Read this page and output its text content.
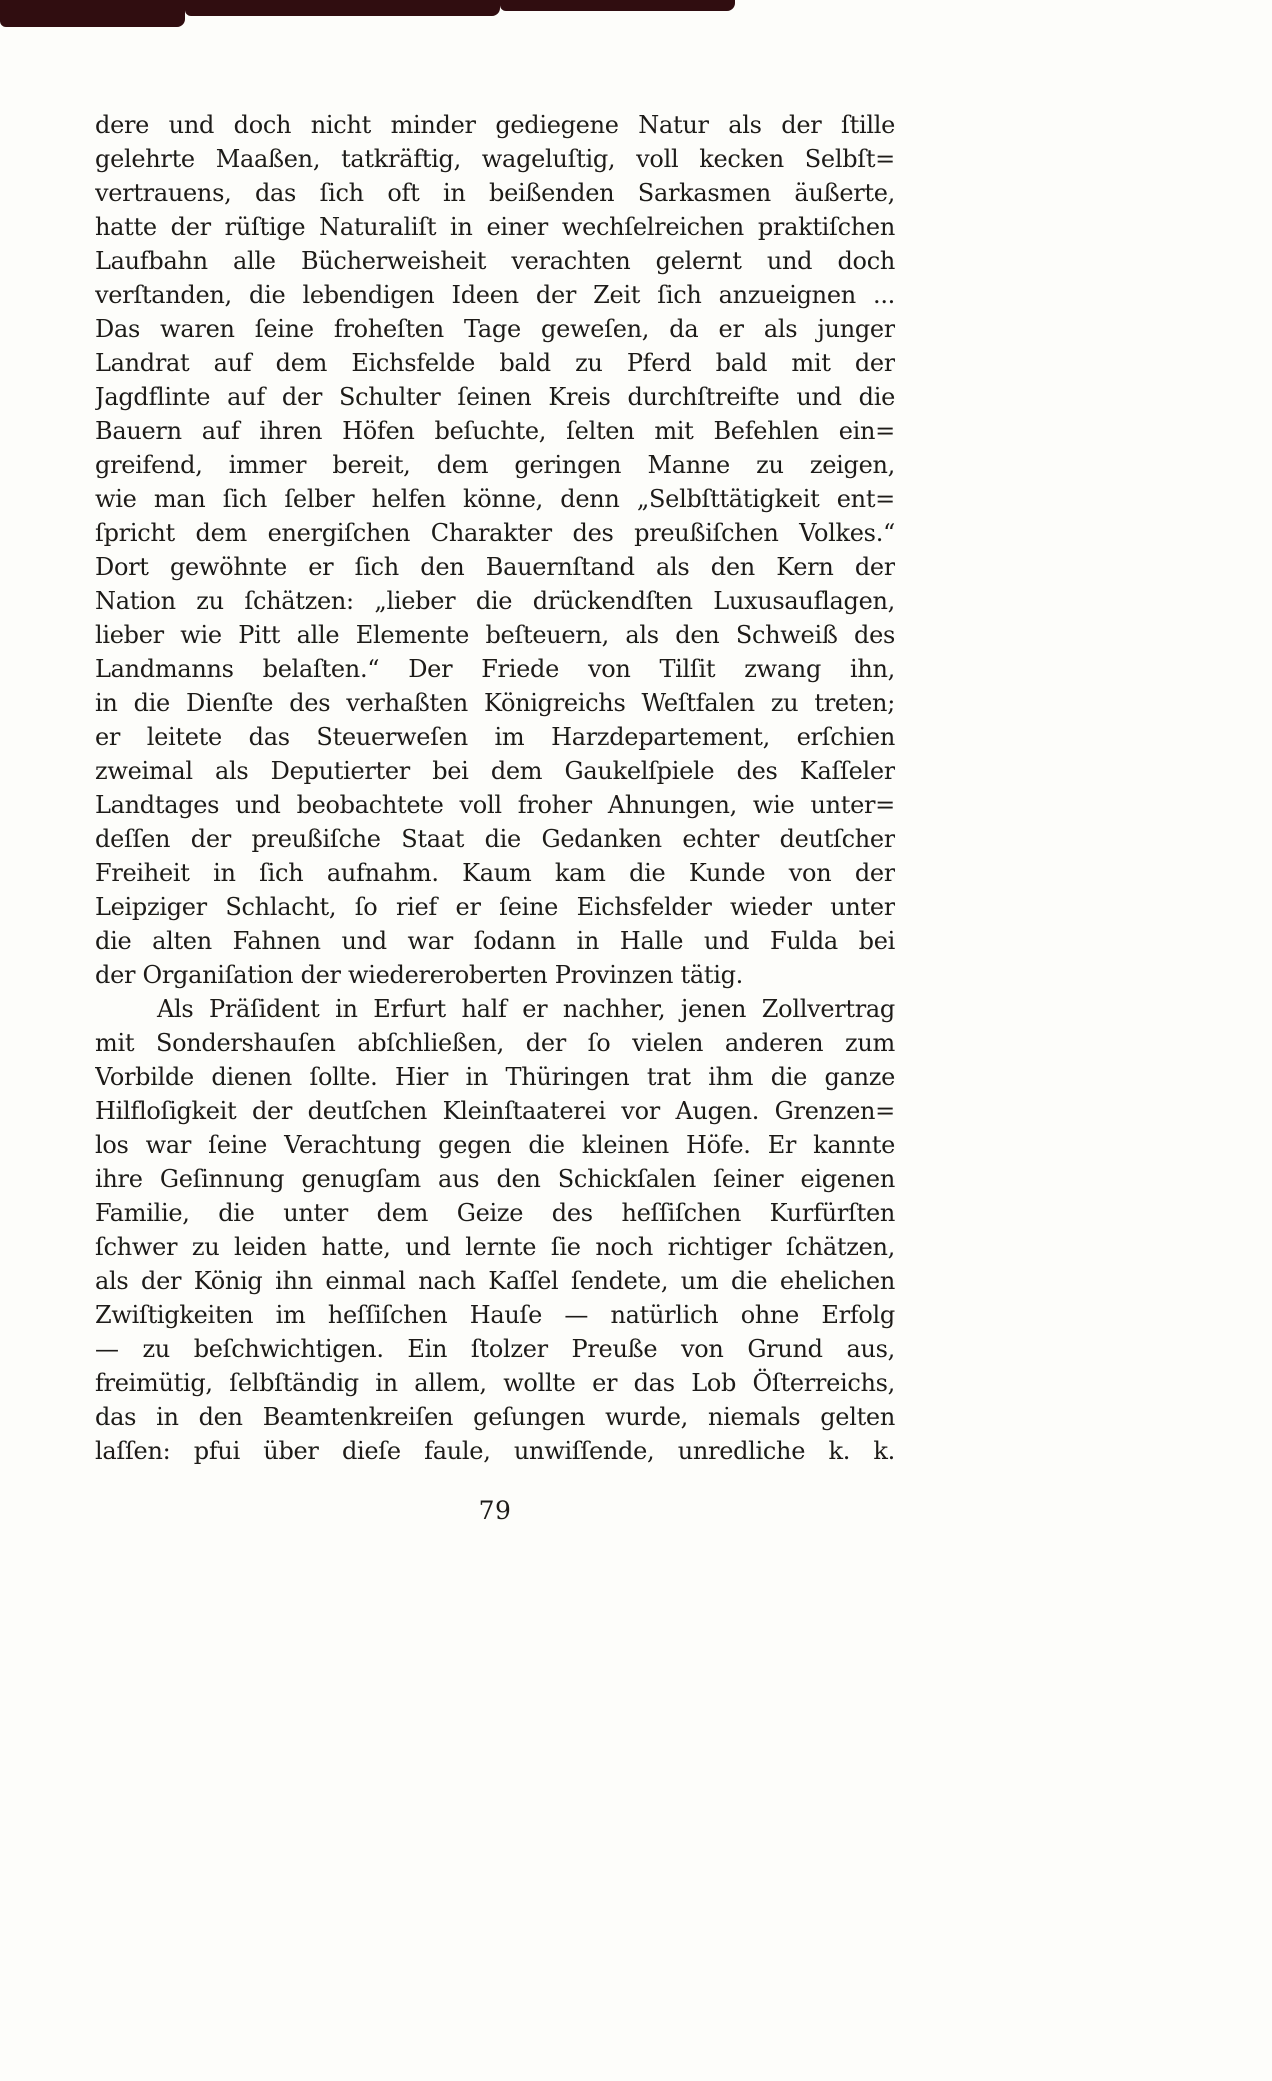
dere und doch nicht minder gediegene Natur als der ſtille
gelehrte Maaßen, tatkräftig, wageluſtig, voll kecken Selbſt=
vertrauens, das ſich oft in beißenden Sarkasmen äußerte,
hatte der rüſtige Naturaliſt in einer wechſelreichen praktiſchen
Laufbahn alle Bücherweisheit verachten gelernt und doch
verſtanden, die lebendigen Ideen der Zeit ſich anzueignen ...
Das waren ſeine froheſten Tage geweſen, da er als junger
Landrat auf dem Eichsfelde bald zu Pferd bald mit der
Jagdflinte auf der Schulter ſeinen Kreis durchſtreifte und die
Bauern auf ihren Höfen beſuchte, ſelten mit Befehlen ein=
greifend, immer bereit, dem geringen Manne zu zeigen,
wie man ſich ſelber helfen könne, denn „Selbſttätigkeit ent=
ſpricht dem energiſchen Charakter des preußiſchen Volkes.“
Dort gewöhnte er ſich den Bauernſtand als den Kern der
Nation zu ſchätzen: „lieber die drückendſten Luxusauflagen,
lieber wie Pitt alle Elemente beſteuern, als den Schweiß des
Landmanns belaſten.“ Der Friede von Tilſit zwang ihn,
in die Dienſte des verhaßten Königreichs Weſtfalen zu treten;
er leitete das Steuerweſen im Harzdepartement, erſchien
zweimal als Deputierter bei dem Gaukelſpiele des Kaſſeler
Landtages und beobachtete voll froher Ahnungen, wie unter=
deſſen der preußiſche Staat die Gedanken echter deutſcher
Freiheit in ſich aufnahm. Kaum kam die Kunde von der
Leipziger Schlacht, ſo rief er ſeine Eichsfelder wieder unter
die alten Fahnen und war ſodann in Halle und Fulda bei
der Organiſation der wiedereroberten Provinzen tätig.
Als Präſident in Erfurt half er nachher, jenen Zollvertrag
mit Sondershauſen abſchließen, der ſo vielen anderen zum
Vorbilde dienen ſollte. Hier in Thüringen trat ihm die ganze
Hilfloſigkeit der deutſchen Kleinſtaaterei vor Augen. Grenzen=
los war ſeine Verachtung gegen die kleinen Höfe. Er kannte
ihre Geſinnung genugſam aus den Schickſalen ſeiner eigenen
Familie, die unter dem Geize des heſſiſchen Kurfürſten
ſchwer zu leiden hatte, und lernte ſie noch richtiger ſchätzen,
als der König ihn einmal nach Kaſſel ſendete, um die ehelichen
Zwiſtigkeiten im heſſiſchen Hauſe — natürlich ohne Erfolg
— zu beſchwichtigen. Ein ſtolzer Preuße von Grund aus,
freimütig, ſelbſtändig in allem, wollte er das Lob Öſterreichs,
das in den Beamtenkreiſen geſungen wurde, niemals gelten
laſſen: pfui über dieſe faule, unwiſſende, unredliche k. k.
79
